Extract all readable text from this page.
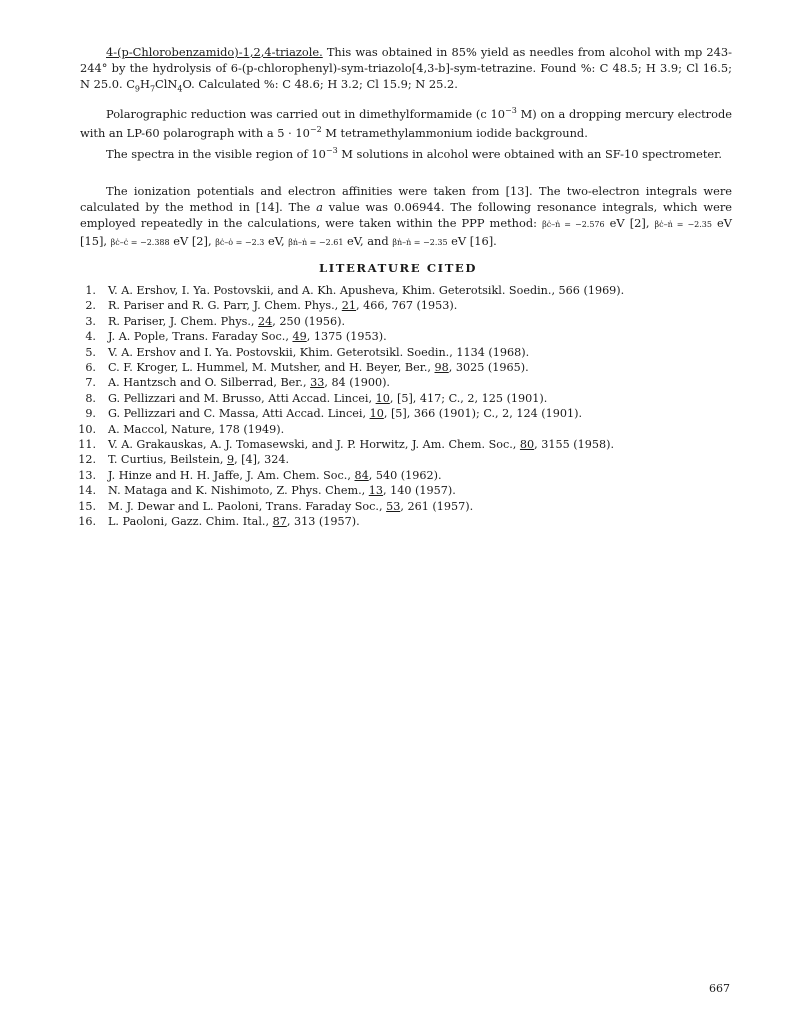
4-(p-Chlorobenzamido)-1,2,4-triazole. This was obtained in 85% yield as needles from alcohol with mp 243-244° by the hydrolysis of 6-(p-chlorophenyl)-sym-triazolo[4,3-b]-sym-tetrazine. Found %: C 48.5; H 3.9; Cl 16.5; N 25.0. $C_9H_7ClN_4O$. Calculated %: C 48.6; H 3.2; Cl 15.9; N 25.2.

Polarographic reduction was carried out in dimethylformamide (c $10^{-3}$ M) on a dropping mercury electrode with an LP-60 polarograph with a $5 \cdot 10^{-2}$ M tetramethylammonium iodide background.

The spectra in the visible region of $10^{-3}$ M solutions in alcohol were obtained with an SF-10 spectrometer.

The ionization potentials and electron affinities were taken from [13]. The two-electron integrals were calculated by the method in [14]. The a value was 0.06944. The following resonance integrals, which were employed repeatedly in the calculations, were taken within the PPP method: βċ–ṅ = −2.576 eV [2], βċ–ṅ = −2.35 eV [15], βċ–ċ = −2.388 eV [2], βċ–ȯ = −2.3 eV, βṅ–ṅ = −2.61 eV, and βṅ–ṅ = −2.35 eV [16].

LITERATURE CITED
1. V. A. Ershov, I. Ya. Postovskii, and A. Kh. Apusheva, Khim. Geterotsikl. Soedin., 566 (1969).
2. R. Pariser and R. G. Parr, J. Chem. Phys., 21, 466, 767 (1953).
3. R. Pariser, J. Chem. Phys., 24, 250 (1956).
4. J. A. Pople, Trans. Faraday Soc., 49, 1375 (1953).
5. V. A. Ershov and I. Ya. Postovskii, Khim. Geterotsikl. Soedin., 1134 (1968).
6. C. F. Kroger, L. Hummel, M. Mutsher, and H. Beyer, Ber., 98, 3025 (1965).
7. A. Hantzsch and O. Silberrad, Ber., 33, 84 (1900).
8. G. Pellizzari and M. Brusso, Atti Accad. Lincei, 10, [5], 417; C., 2, 125 (1901).
9. G. Pellizzari and C. Massa, Atti Accad. Lincei, 10, [5], 366 (1901); C., 2, 124 (1901).
10. A. Maccol, Nature, 178 (1949).
11. V. A. Grakauskas, A. J. Tomasewski, and J. P. Horwitz, J. Am. Chem. Soc., 80, 3155 (1958).
12. T. Curtius, Beilstein, 9, [4], 324.
13. J. Hinze and H. H. Jaffe, J. Am. Chem. Soc., 84, 540 (1962).
14. N. Mataga and K. Nishimoto, Z. Phys. Chem., 13, 140 (1957).
15. M. J. Dewar and L. Paoloni, Trans. Faraday Soc., 53, 261 (1957).
16. L. Paoloni, Gazz. Chim. Ital., 87, 313 (1957).
667
